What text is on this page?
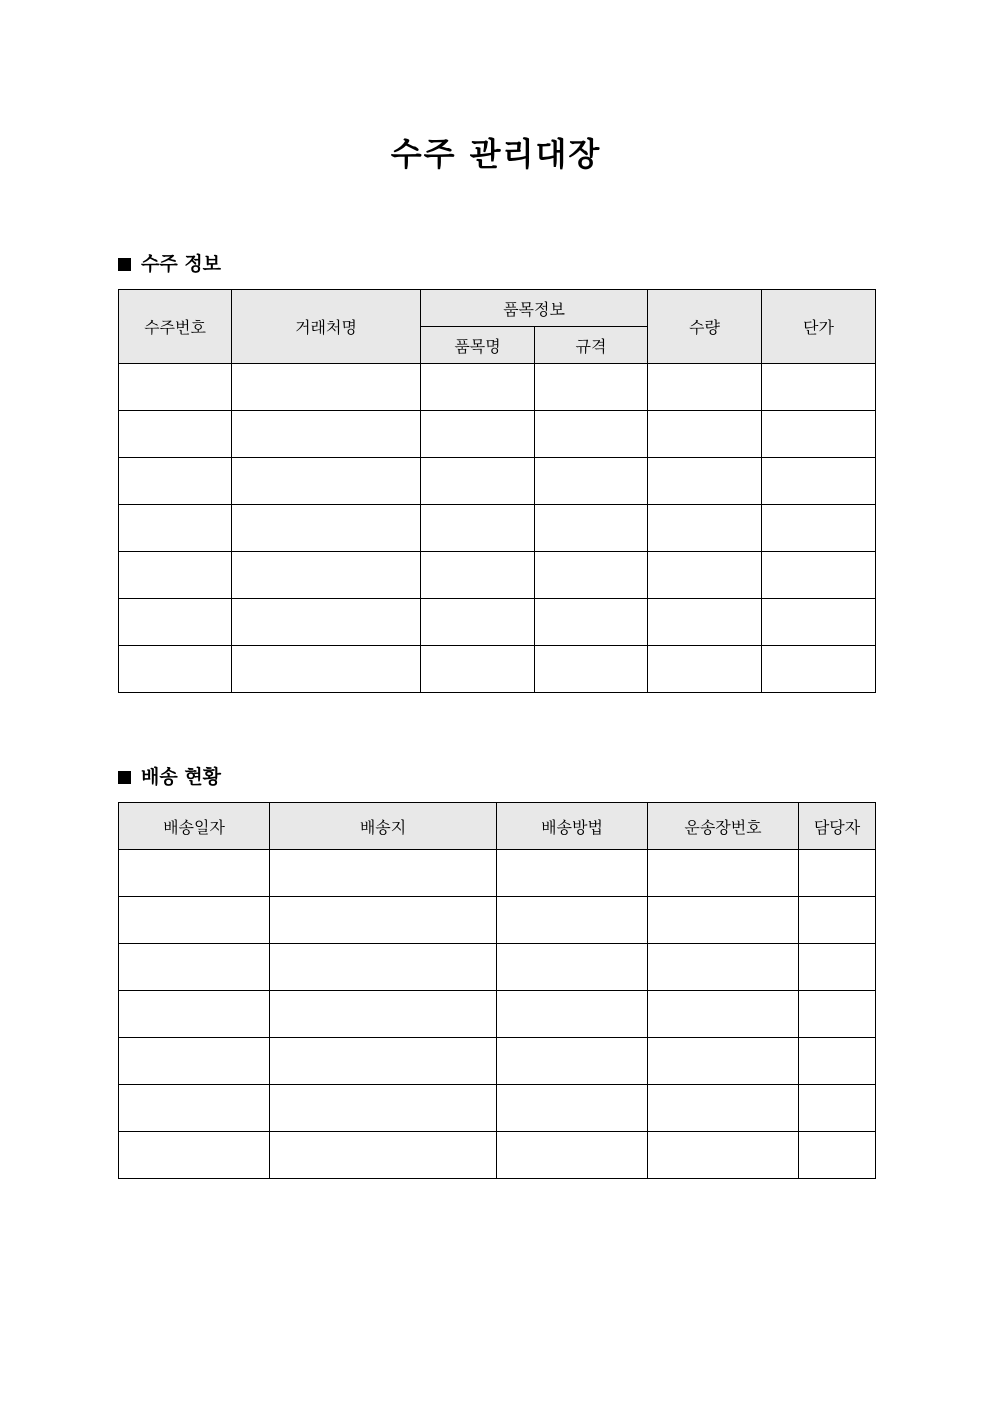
수주 관리대장
수주 정보
수주번호	거래처명	품목정보		수량	단가
		품목명	규격		

배송 현황
배송일자	배송지	배송방법	운송장번호	담당자
